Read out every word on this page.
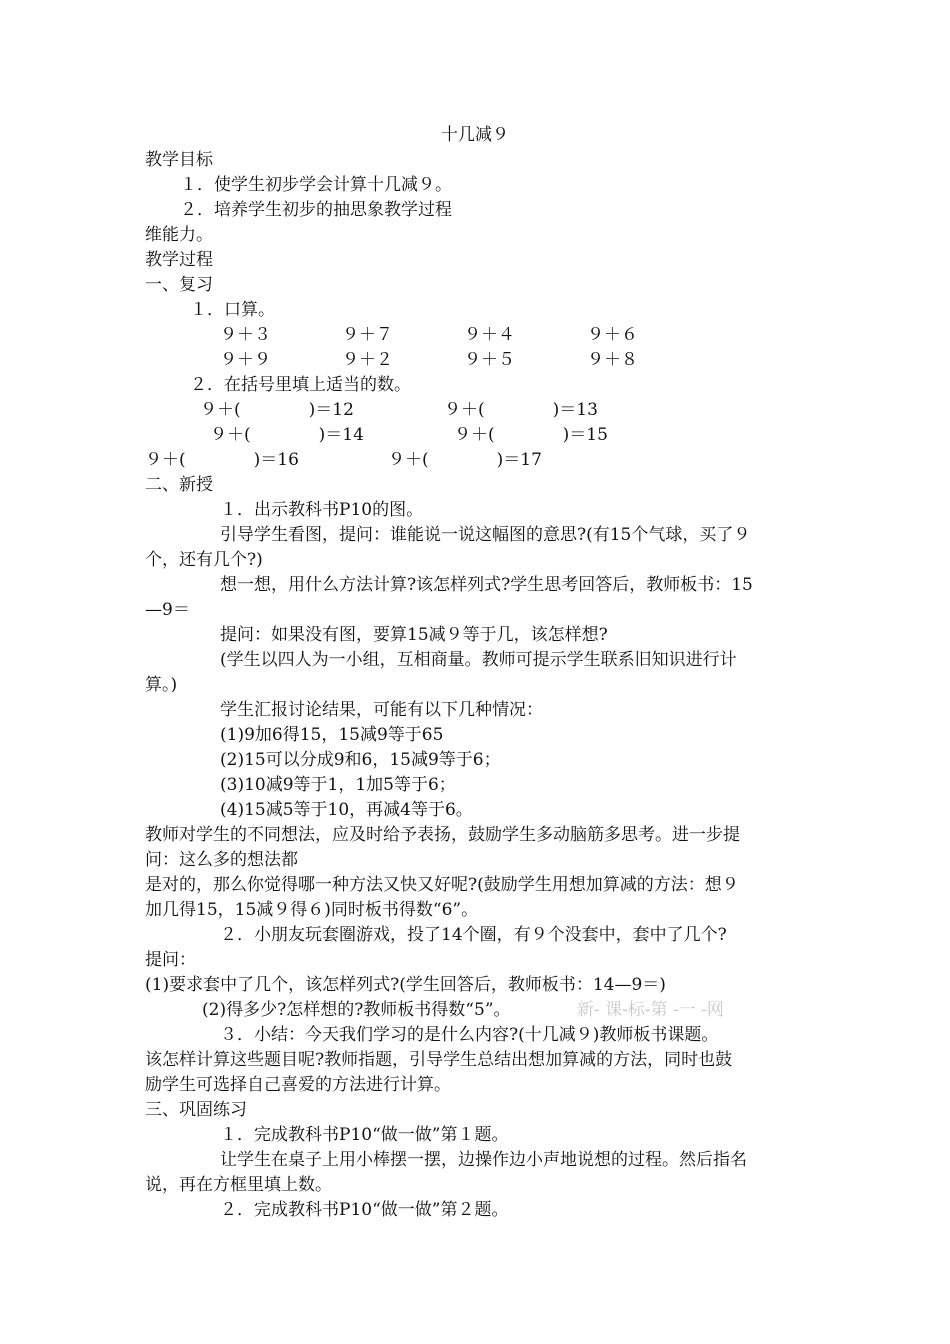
十几减９
教学目标
１．使学生初步学会计算十几减９。
２．培养学生初步的抽思象教学过程
维能力。
教学过程
一、复习
１．口算。
９＋３	９＋７	９＋４	９＋６
９＋９	９＋２	９＋５	９＋８
２．在括号里填上适当的数。
９＋(　　　　)＝12	９＋(　　　　)＝13
９＋(　　　　)＝14	９＋(　　　　)＝15
９＋(　　　　)＝16	９＋(　　　　)＝17
二、新授
１．出示教科书P10的图。
引导学生看图，提问：谁能说一说这幅图的意思?(有15个气球，买了９
个，还有几个?)
想一想，用什么方法计算?该怎样列式?学生思考回答后，教师板书：15
—9＝
提问：如果没有图，要算15减９等于几，该怎样想?
(学生以四人为一小组，互相商量。教师可提示学生联系旧知识进行计
算。)
学生汇报讨论结果，可能有以下几种情况：
(1)9加6得15，15减9等于65
(2)15可以分成9和6，15减9等于6；
(3)10减9等于1，1加5等于6；
(4)15减5等于10，再减4等于6。
教师对学生的不同想法，应及时给予表扬，鼓励学生多动脑筋多思考。进一步提
问：这么多的想法都
是对的，那么你觉得哪一种方法又快又好呢?(鼓励学生用想加算减的方法：想９
加几得15，15减９得６)同时板书得数“6”。
２．小朋友玩套圈游戏，投了14个圈，有９个没套中，套中了几个?
提问：
(1)要求套中了几个，该怎样列式?(学生回答后，教师板书：14—9＝)
(2)得多少?怎样想的?教师板书得数“5”。	新- 课-标-第 -一 -网
３．小结：今天我们学习的是什么内容?(十几减９)教师板书课题。
该怎样计算这些题目呢?教师指题，引导学生总结出想加算减的方法，同时也鼓
励学生可选择自己喜爱的方法进行计算。
三、巩固练习
１．完成教科书P10“做一做”第１题。
让学生在桌子上用小棒摆一摆，边操作边小声地说想的过程。然后指名
说，再在方框里填上数。
２．完成教科书P10“做一做”第２题。
